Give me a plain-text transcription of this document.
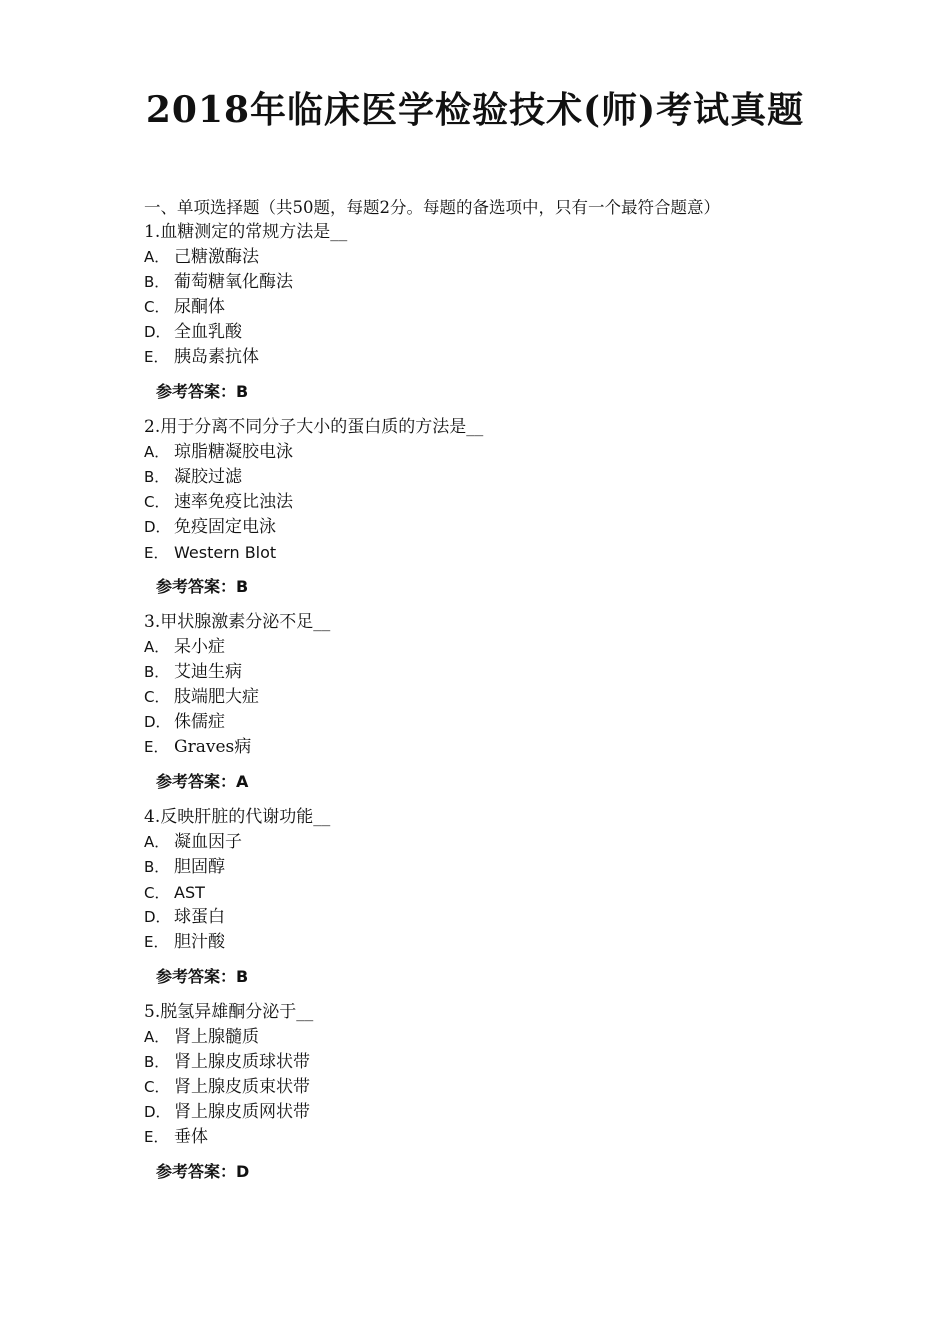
2018年临床医学检验技术(师)考试真题
一、单项选择题（共50题，每题2分。每题的备选项中，只有一个最符合题意）
1.血糖测定的常规方法是__
A． 己糖激酶法
B． 葡萄糖氧化酶法
C． 尿酮体
D． 全血乳酸
E． 胰岛素抗体
参考答案：B
2.用于分离不同分子大小的蛋白质的方法是__
A． 琼脂糖凝胶电泳
B． 凝胶过滤
C． 速率免疫比浊法
D． 免疫固定电泳
E． Western Blot
参考答案：B
3.甲状腺激素分泌不足__
A． 呆小症
B． 艾迪生病
C． 肢端肥大症
D． 侏儒症
E． Graves病
参考答案：A
4.反映肝脏的代谢功能__
A． 凝血因子
B． 胆固醇
C． AST
D． 球蛋白
E． 胆汁酸
参考答案：B
5.脱氢异雄酮分泌于__
A． 肾上腺髓质
B． 肾上腺皮质球状带
C． 肾上腺皮质束状带
D． 肾上腺皮质网状带
E． 垂体
参考答案：D
